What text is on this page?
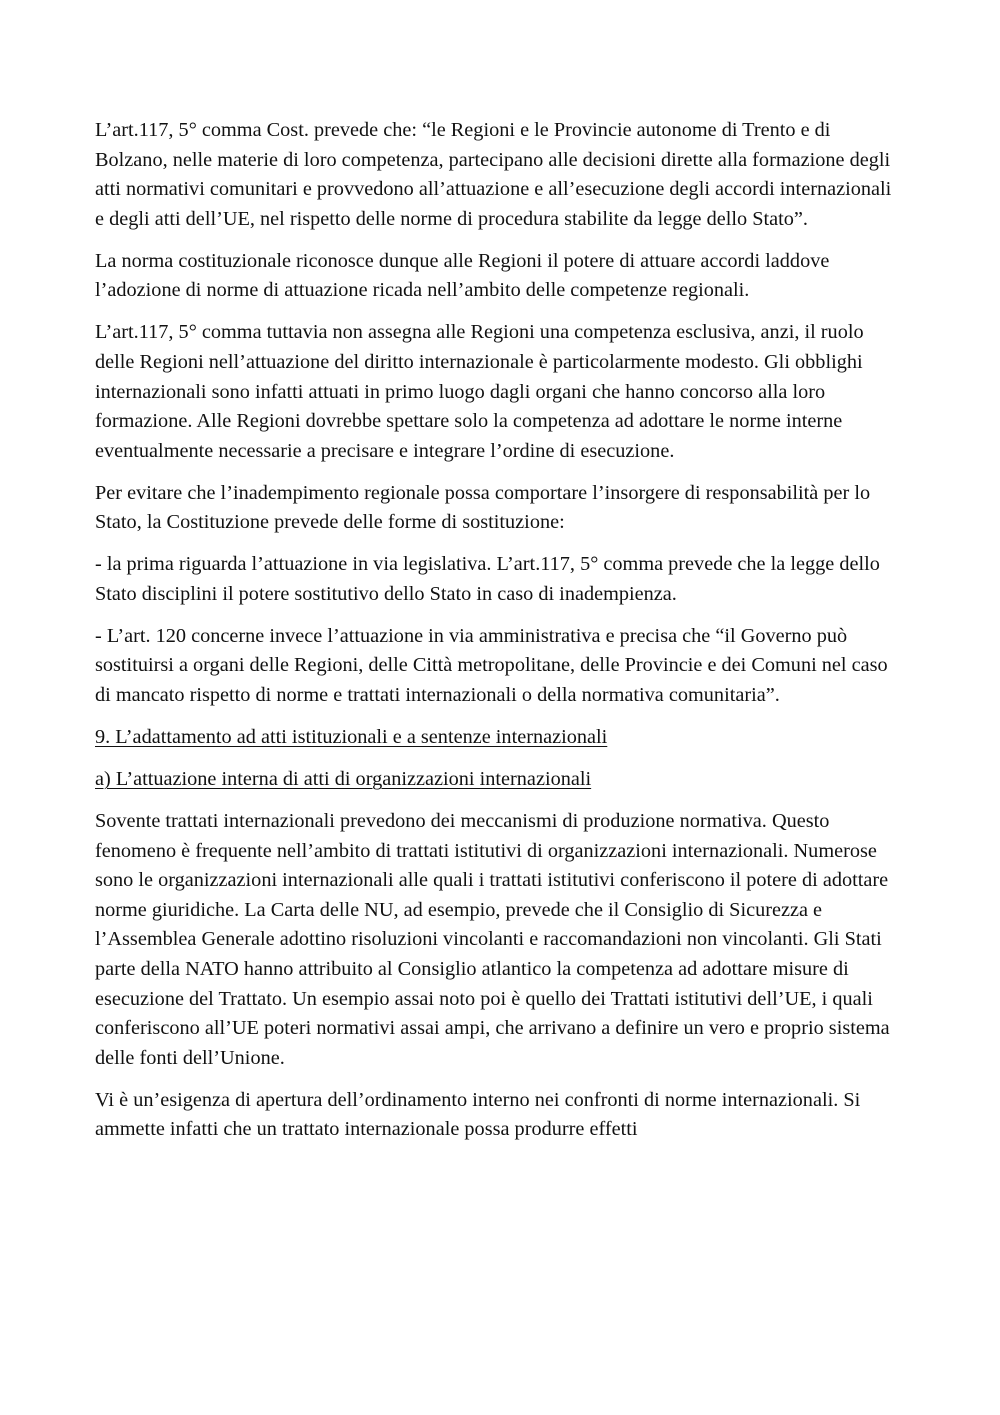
L’art.117, 5° comma Cost. prevede che: “le Regioni e le Provincie autonome di Trento e di Bolzano, nelle materie di loro competenza, partecipano alle decisioni dirette alla formazione degli atti normativi comunitari e provvedono all’attuazione e all’esecuzione degli accordi internazionali e degli atti dell’UE, nel rispetto delle norme di procedura stabilite da legge dello Stato”.

La norma costituzionale riconosce dunque alle Regioni il potere di attuare accordi laddove l’adozione di norme di attuazione ricada nell’ambito delle competenze regionali.

L’art.117, 5° comma tuttavia non assegna alle Regioni una competenza esclusiva, anzi, il ruolo delle Regioni nell’attuazione del diritto internazionale è particolarmente modesto. Gli obblighi internazionali sono infatti attuati in primo luogo dagli organi che hanno concorso alla loro formazione. Alle Regioni dovrebbe spettare solo la competenza ad adottare le norme interne eventualmente necessarie a precisare e integrare l’ordine di esecuzione.

Per evitare che l’inadempimento regionale possa comportare l’insorgere di responsabilità per lo Stato, la Costituzione prevede delle forme di sostituzione:

- la prima riguarda l’attuazione in via legislativa. L’art.117, 5° comma prevede che la legge dello Stato disciplini il potere sostitutivo dello Stato in caso di inadempienza.

- L’art. 120 concerne invece l’attuazione in via amministrativa e precisa che “il Governo può sostituirsi a organi delle Regioni, delle Città metropolitane, delle Provincie e dei Comuni nel caso di mancato rispetto di norme e trattati internazionali o della normativa comunitaria”.

9. L’adattamento ad atti istituzionali e a sentenze internazionali

a) L’attuazione interna di atti di organizzazioni internazionali

Sovente trattati internazionali prevedono dei meccanismi di produzione normativa. Questo fenomeno è frequente nell’ambito di trattati istitutivi di organizzazioni internazionali. Numerose sono le organizzazioni internazionali alle quali i trattati istitutivi conferiscono il potere di adottare norme giuridiche. La Carta delle NU, ad esempio, prevede che il Consiglio di Sicurezza e l’Assemblea Generale adottino risoluzioni vincolanti e raccomandazioni non vincolanti. Gli Stati parte della NATO hanno attribuito al Consiglio atlantico la competenza ad adottare misure di esecuzione del Trattato. Un esempio assai noto poi è quello dei Trattati istitutivi dell’UE, i quali conferiscono all’UE poteri normativi assai ampi, che arrivano a definire un vero e proprio sistema delle fonti dell’Unione.

Vi è un’esigenza di apertura dell’ordinamento interno nei confronti di norme internazionali. Si ammette infatti che un trattato internazionale possa produrre effetti
